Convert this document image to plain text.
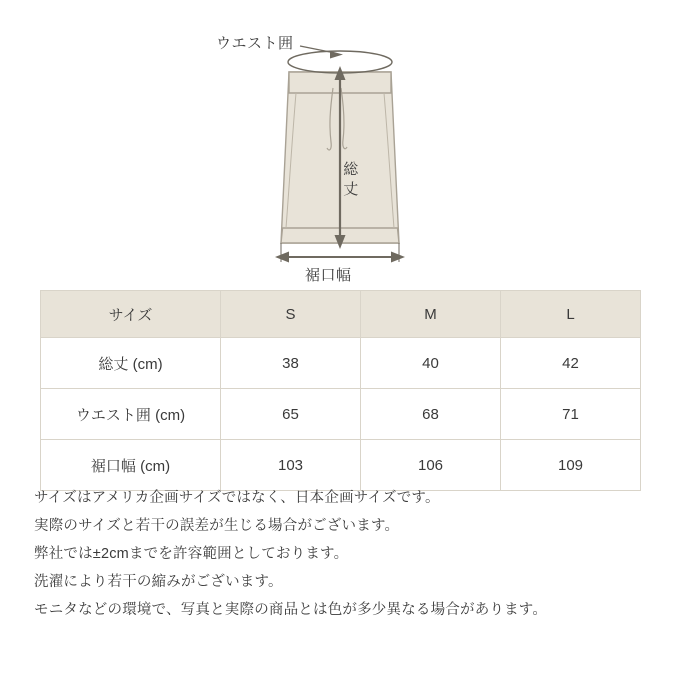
ウエスト囲
総丈
裾口幅
サイズ	S	M	L
総丈 (cm)	38	40	42
ウエスト囲 (cm)	65	68	71
裾口幅 (cm)	103	106	109

サイズはアメリカ企画サイズではなく、日本企画サイズです。

実際のサイズと若干の誤差が生じる場合がございます。

弊社では±2cmまでを許容範囲としております。

洗濯により若干の縮みがございます。

モニタなどの環境で、写真と実際の商品とは色が多少異なる場合があります。
